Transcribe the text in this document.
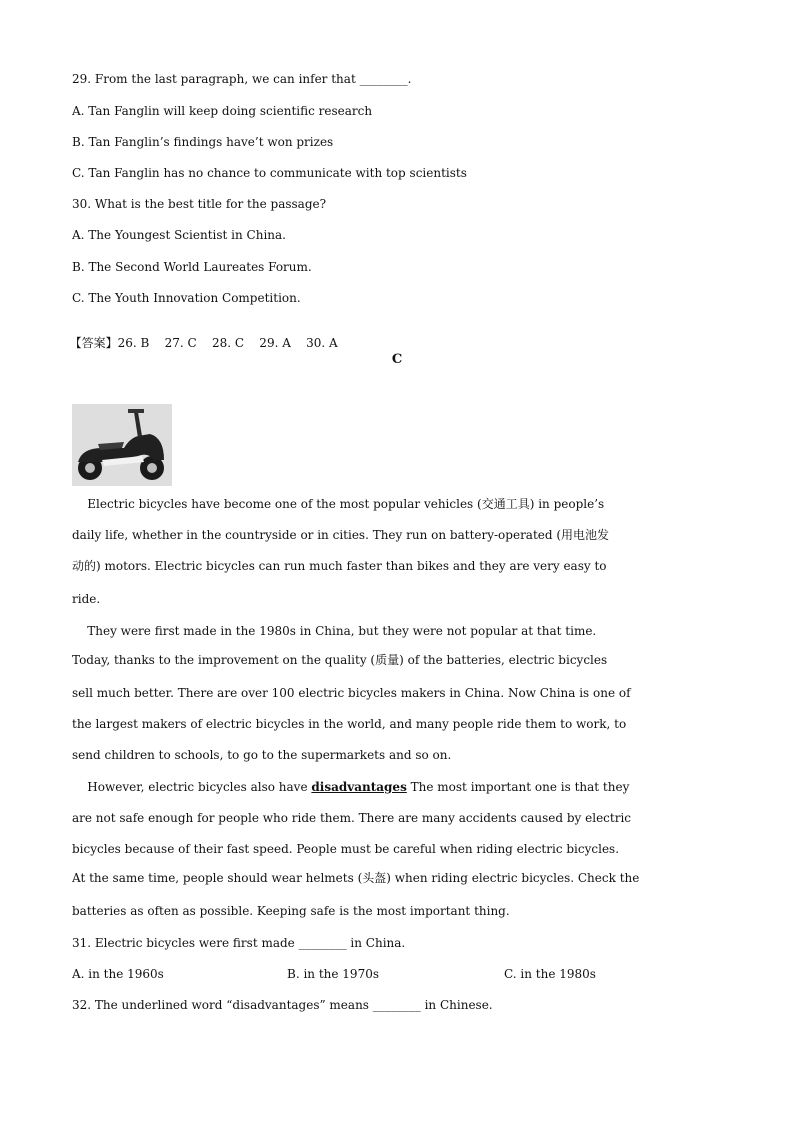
29. From the last paragraph, we can infer that ________.
A. Tan Fanglin will keep doing scientific research
B. Tan Fanglin’s findings have’t won prizes
C. Tan Fanglin has no chance to communicate with top scientists
30. What is the best title for the passage?
A. The Youngest Scientist in China.
B. The Second World Laureates Forum.
C. The Youth Innovation Competition.

【答案】26. B    27. C    28. C    29. A    30. A

C
Electric bicycles have become one of the most popular vehicles (交通工具) in people’s
daily life, whether in the countryside or in cities. They run on battery-operated (用电池发
动的) motors. Electric bicycles can run much faster than bikes and they are very easy to
ride.
They were first made in the 1980s in China, but they were not popular at that time.
Today, thanks to the improvement on the quality (质量) of the batteries, electric bicycles
sell much better. There are over 100 electric bicycles makers in China. Now China is one of
the largest makers of electric bicycles in the world, and many people ride them to work, to
send children to schools, to go to the supermarkets and so on.
However, electric bicycles also have disadvantages The most important one is that they
are not safe enough for people who ride them. There are many accidents caused by electric
bicycles because of their fast speed. People must be careful when riding electric bicycles.
At the same time, people should wear helmets (头盔) when riding electric bicycles. Check the
batteries as often as possible. Keeping safe is the most important thing.
31. Electric bicycles were first made ________ in China.
A. in the 1960s	B. in the 1970s	C. in the 1980s
32. The underlined word “disadvantages” means ________ in Chinese.
